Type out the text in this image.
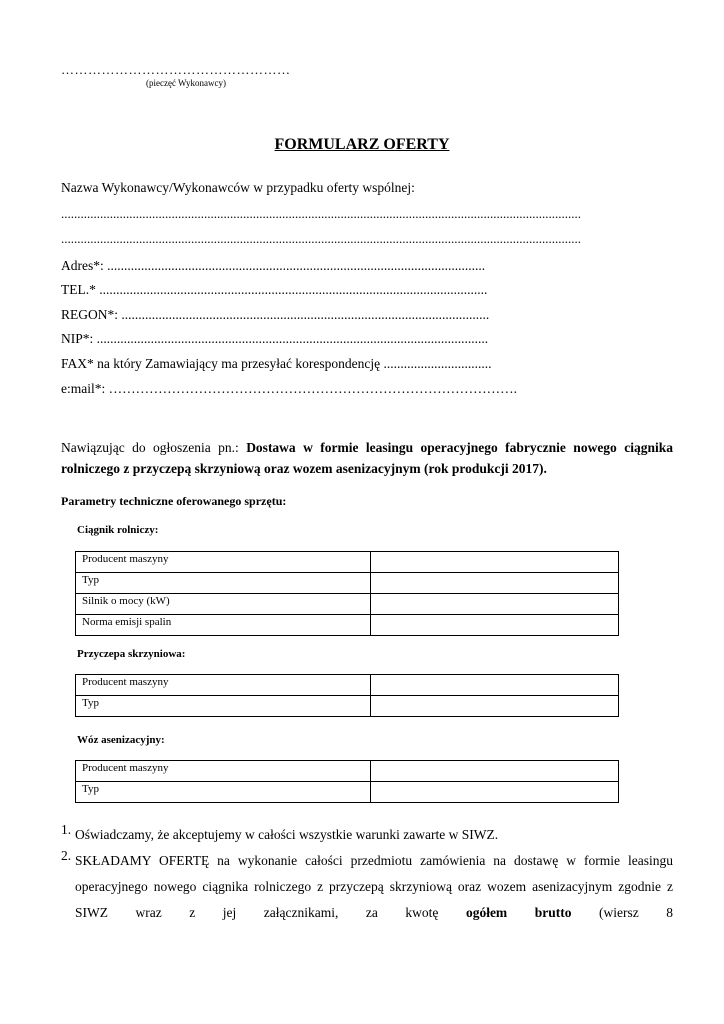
……………………………………………
(pieczęć Wykonawcy)
FORMULARZ OFERTY
Nazwa Wykonawcy/Wykonawców w przypadku oferty wspólnej:
................................................................................................................................................................
................................................................................................................................................................
Adres*: ................................................................................................................
TEL.* ...................................................................................................................
REGON*: .............................................................................................................
NIP*: ....................................................................................................................
FAX* na który Zamawiający ma przesyłać korespondencję ................................
e:mail*: ……………………………………………………………………………….
Nawiązując do ogłoszenia pn.: Dostawa w formie leasingu operacyjnego fabrycznie nowego ciągnika rolniczego z przyczepą skrzyniową oraz wozem asenizacyjnym (rok produkcji 2017).
Parametry techniczne oferowanego sprzętu:
Ciągnik rolniczy:
Producent maszyny	
Typ	
Silnik o mocy (kW)	
Norma emisji spalin	
Przyczepa skrzyniowa:
Producent maszyny	
Typ	
Wóz asenizacyjny:
Producent maszyny	
Typ	
1. Oświadczamy, że akceptujemy w całości wszystkie warunki zawarte w SIWZ.
2. SKŁADAMY OFERTĘ na wykonanie całości przedmiotu zamówienia na dostawę w formie leasingu operacyjnego nowego ciągnika rolniczego z przyczepą skrzyniową oraz wozem asenizacyjnym zgodnie z SIWZ wraz z jej załącznikami, za kwotę ogółem brutto (wiersz 8
